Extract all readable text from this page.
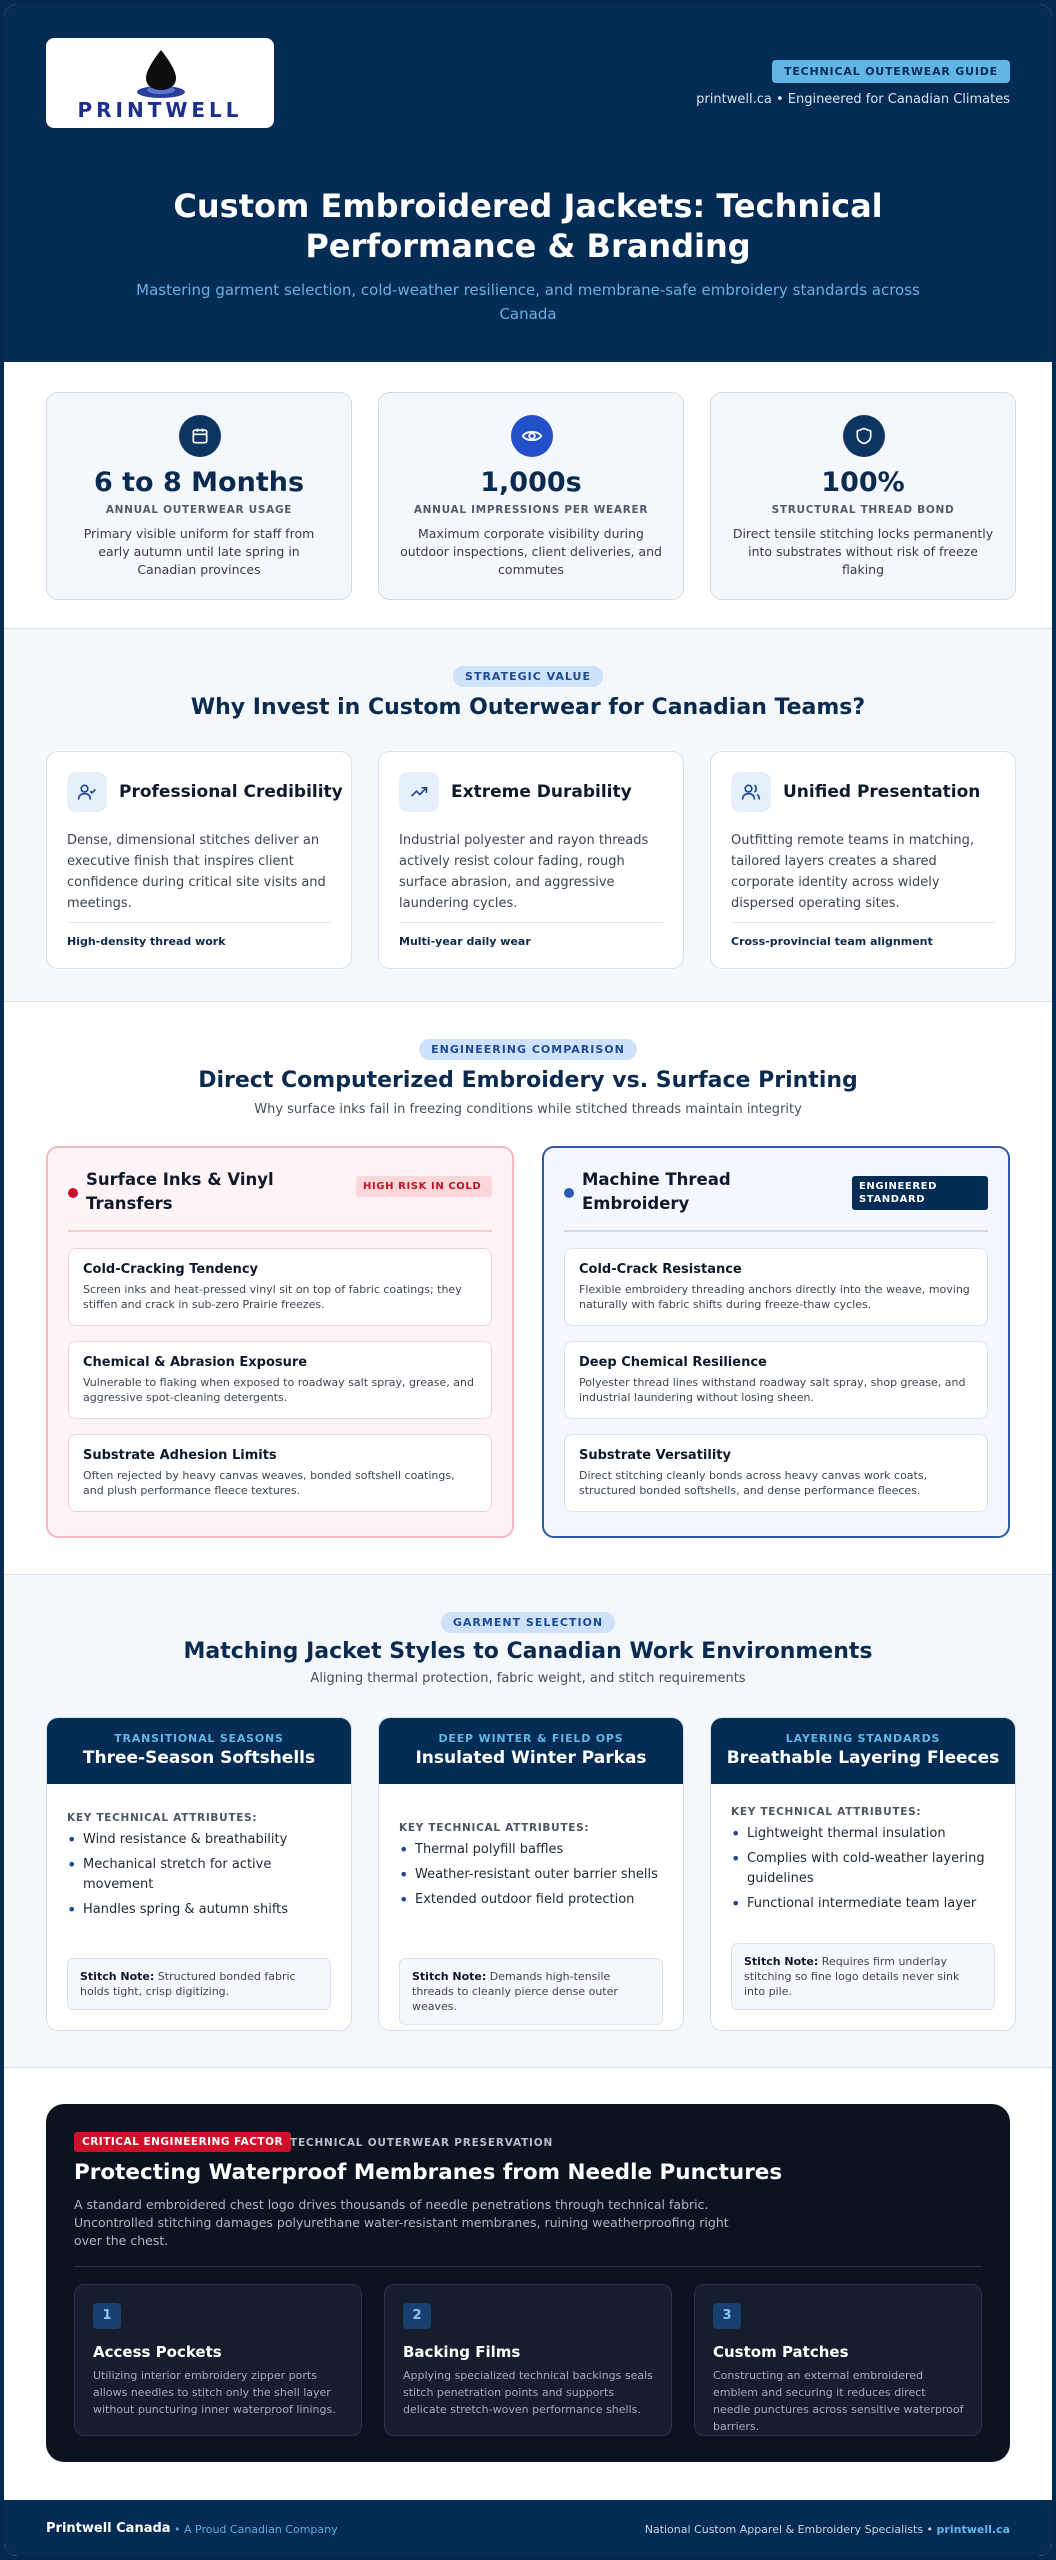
PRINTWELL
TECHNICAL OUTERWEAR GUIDE
printwell.ca • Engineered for Canadian Climates
Custom Embroidered Jackets: Technical Performance & Branding

Mastering garment selection, cold-weather resilience, and membrane-safe embroidery standards across Canada

6 to 8 Months
ANNUAL OUTERWEAR USAGE
Primary visible uniform for staff from early autumn until late spring in Canadian provinces
1,000s
ANNUAL IMPRESSIONS PER WEARER
Maximum corporate visibility during outdoor inspections, client deliveries, and commutes
100%
STRUCTURAL THREAD BOND
Direct tensile stitching locks permanently into substrates without risk of freeze flaking
STRATEGIC VALUE
Why Invest in Custom Outerwear for Canadian Teams?
Professional Credibility

Dense, dimensional stitches deliver an executive finish that inspires client confidence during critical site visits and meetings.

High-density thread work
Extreme Durability

Industrial polyester and rayon threads actively resist colour fading, rough surface abrasion, and aggressive laundering cycles.

Multi-year daily wear
Unified Presentation

Outfitting remote teams in matching, tailored layers creates a shared corporate identity across widely dispersed operating sites.

Cross-provincial team alignment
ENGINEERING COMPARISON
Direct Computerized Embroidery vs. Surface Printing

Why surface inks fail in freezing conditions while stitched threads maintain integrity

Surface Inks & Vinyl Transfers
HIGH RISK IN COLD
Cold-Cracking Tendency
Screen inks and heat-pressed vinyl sit on top of fabric coatings; they stiffen and crack in sub-zero Prairie freezes.
Chemical & Abrasion Exposure
Vulnerable to flaking when exposed to roadway salt spray, grease, and aggressive spot-cleaning detergents.
Substrate Adhesion Limits
Often rejected by heavy canvas weaves, bonded softshell coatings, and plush performance fleece textures.
Machine Thread Embroidery
ENGINEERED STANDARD
Cold-Crack Resistance
Flexible embroidery threading anchors directly into the weave, moving naturally with fabric shifts during freeze-thaw cycles.
Deep Chemical Resilience
Polyester thread lines withstand roadway salt spray, shop grease, and industrial laundering without losing sheen.
Substrate Versatility
Direct stitching cleanly bonds across heavy canvas work coats, structured bonded softshells, and dense performance fleeces.
GARMENT SELECTION
Matching Jacket Styles to Canadian Work Environments

Aligning thermal protection, fabric weight, and stitch requirements

TRANSITIONAL SEASONS
Three-Season Softshells
KEY TECHNICAL ATTRIBUTES:
• Wind resistance & breathability
• Mechanical stretch for active movement
• Handles spring & autumn shifts
Stitch Note: Structured bonded fabric holds tight, crisp digitizing.
DEEP WINTER & FIELD OPS
Insulated Winter Parkas
KEY TECHNICAL ATTRIBUTES:
• Thermal polyfill baffles
• Weather-resistant outer barrier shells
• Extended outdoor field protection
Stitch Note: Demands high-tensile threads to cleanly pierce dense outer weaves.
LAYERING STANDARDS
Breathable Layering Fleeces
KEY TECHNICAL ATTRIBUTES:
• Lightweight thermal insulation
• Complies with cold-weather layering guidelines
• Functional intermediate team layer
Stitch Note: Requires firm underlay stitching so fine logo details never sink into pile.
CRITICAL ENGINEERING FACTOR TECHNICAL OUTERWEAR PRESERVATION
Protecting Waterproof Membranes from Needle Punctures

A standard embroidered chest logo drives thousands of needle penetrations through technical fabric. Uncontrolled stitching damages polyurethane water-resistant membranes, ruining weatherproofing right over the chest.

1
Access Pockets
Utilizing interior embroidery zipper ports allows needles to stitch only the shell layer without puncturing inner waterproof linings.
2
Backing Films
Applying specialized technical backings seals stitch penetration points and supports delicate stretch-woven performance shells.
3
Custom Patches
Constructing an external embroidered emblem and securing it reduces direct needle punctures across sensitive waterproof barriers.
Printwell Canada • A Proud Canadian Company	National Custom Apparel & Embroidery Specialists • printwell.ca
